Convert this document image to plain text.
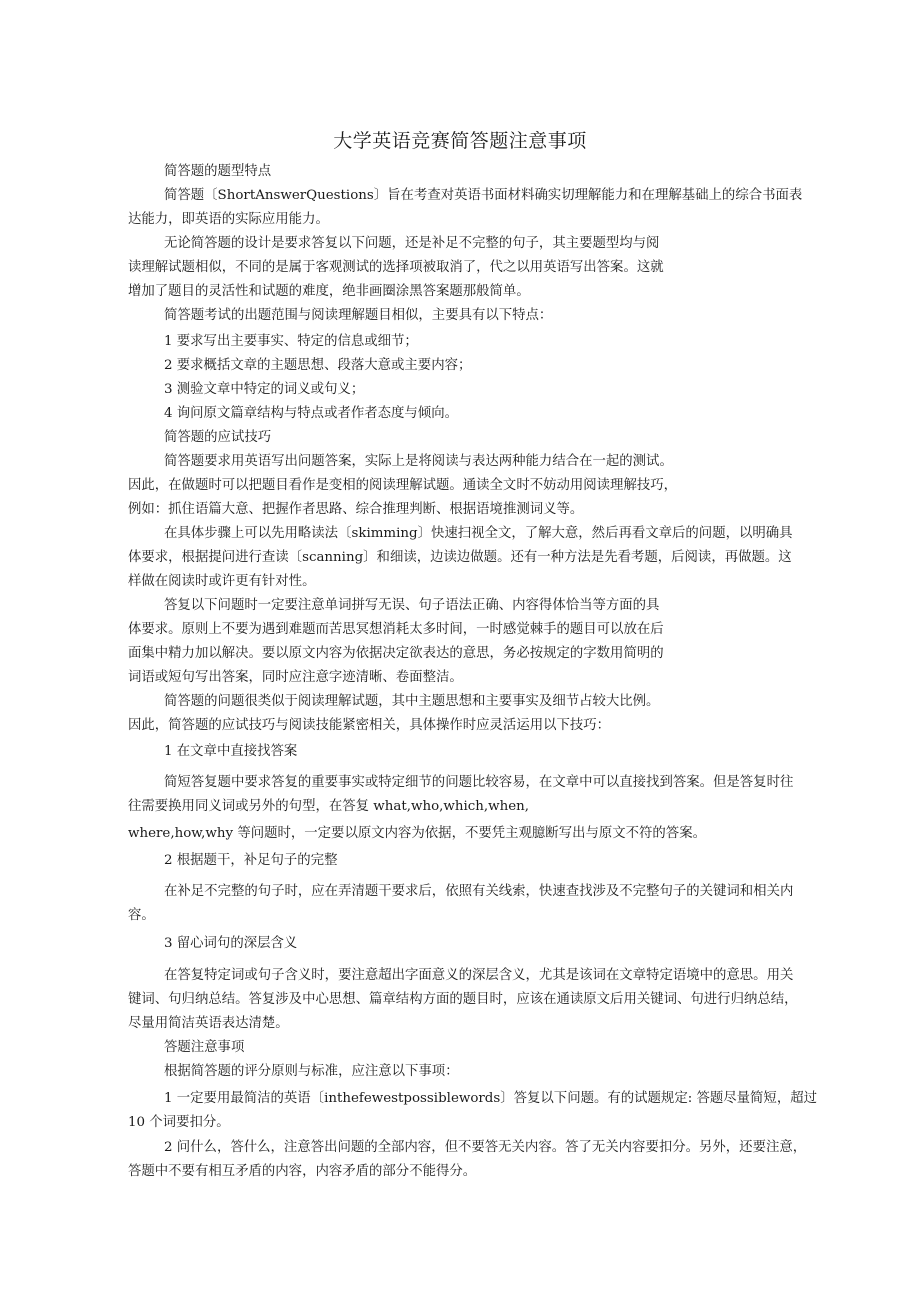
大学英语竞赛简答题注意事项
简答题的题型特点
简答题〔ShortAnswerQuestions〕旨在考查对英语书面材料确实切理解能力和在理解基础上的综合书面表
达能力，即英语的实际应用能力。
无论简答题的设计是要求答复以下问题，还是补足不完整的句子，其主要题型均与阅
读理解试题相似，不同的是属于客观测试的选择项被取消了，代之以用英语写出答案。这就
增加了题目的灵活性和试题的难度，绝非画圈涂黑答案题那般简单。
简答题考试的出题范围与阅读理解题目相似，主要具有以下特点：
1 要求写出主要事实、特定的信息或细节；
2 要求概括文章的主题思想、段落大意或主要内容；
3 测验文章中特定的词义或句义；
4 询问原文篇章结构与特点或者作者态度与倾向。
简答题的应试技巧
简答题要求用英语写出问题答案，实际上是将阅读与表达两种能力结合在一起的测试。
因此，在做题时可以把题目看作是变相的阅读理解试题。通读全文时不妨动用阅读理解技巧，
例如：抓住语篇大意、把握作者思路、综合推理判断、根据语境推测词义等。
在具体步骤上可以先用略读法〔skimming〕快速扫视全文，了解大意，然后再看文章后的问题，以明确具
体要求，根据提问进行查读〔scanning〕和细读，边读边做题。还有一种方法是先看考题，后阅读，再做题。这
样做在阅读时或许更有针对性。
答复以下问题时一定要注意单词拼写无误、句子语法正确、内容得体恰当等方面的具
体要求。原则上不要为遇到难题而苦思冥想消耗太多时间，一时感觉棘手的题目可以放在后
面集中精力加以解决。要以原文内容为依据决定欲表达的意思，务必按规定的字数用简明的
词语或短句写出答案，同时应注意字迹清晰、卷面整洁。
简答题的问题很类似于阅读理解试题，其中主题思想和主要事实及细节占较大比例。
因此，简答题的应试技巧与阅读技能紧密相关，具体操作时应灵活运用以下技巧：
1 在文章中直接找答案
简短答复题中要求答复的重要事实或特定细节的问题比较容易，在文章中可以直接找到答案。但是答复时往
往需要换用同义词或另外的句型，在答复 what,who,which,when,
where,how,why 等问题时，一定要以原文内容为依据，不要凭主观臆断写出与原文不符的答案。
2 根据题干，补足句子的完整
在补足不完整的句子时，应在弄清题干要求后，依照有关线索，快速查找涉及不完整句子的关键词和相关内
容。
3 留心词句的深层含义
在答复特定词或句子含义时，要注意超出字面意义的深层含义，尤其是该词在文章特定语境中的意思。用关
键词、句归纳总结。答复涉及中心思想、篇章结构方面的题目时，应该在通读原文后用关键词、句进行归纳总结，
尽量用简洁英语表达清楚。
答题注意事项
根据简答题的评分原则与标准，应注意以下事项：
1 一定要用最简洁的英语〔inthefewestpossiblewords〕答复以下问题。有的试题规定: 答题尽量简短，超过
10 个词要扣分。
2 问什么，答什么，注意答出问题的全部内容，但不要答无关内容。答了无关内容要扣分。另外，还要注意，
答题中不要有相互矛盾的内容，内容矛盾的部分不能得分。
